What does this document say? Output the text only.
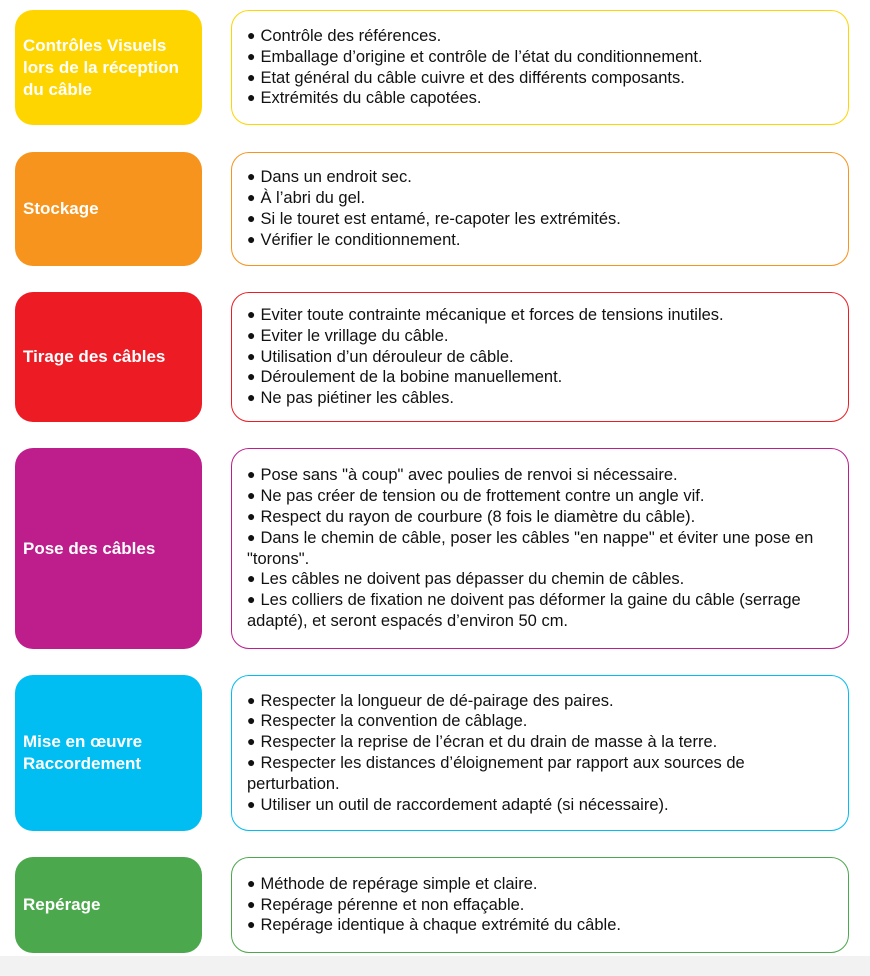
Contrôles Visuels lors de la réception du câble
● Contrôle des références.
● Emballage d’origine et contrôle de l’état du conditionnement.
● Etat général du câble cuivre et des différents composants.
● Extrémités du câble capotées.
Stockage
● Dans un endroit sec.
● À l’abri du gel.
● Si le touret est entamé, re-capoter les extrémités.
● Vérifier le conditionnement.
Tirage des câbles
● Eviter toute contrainte mécanique et forces de tensions inutiles.
● Eviter le vrillage du câble.
● Utilisation d’un dérouleur de câble.
● Déroulement de la bobine manuellement.
● Ne pas piétiner les câbles.
Pose des câbles
● Pose sans "à coup" avec poulies de renvoi si nécessaire.
● Ne pas créer de tension ou de frottement contre un angle vif.
● Respect du rayon de courbure (8 fois le diamètre du câble).
● Dans le chemin de câble, poser les câbles "en nappe" et éviter une pose en "torons".
● Les câbles ne doivent pas dépasser du chemin de câbles.
● Les colliers de fixation ne doivent pas déformer la gaine du câble (serrage adapté), et seront espacés d’environ 50 cm.
Mise en œuvre Raccordement
● Respecter la longueur de dé-pairage des paires.
● Respecter la convention de câblage.
● Respecter la reprise de l’écran et du drain de masse à la terre.
● Respecter les distances d’éloignement par rapport aux sources de perturbation.
● Utiliser un outil de raccordement adapté (si nécessaire).
Repérage
● Méthode de repérage simple et claire.
● Repérage pérenne et non effaçable.
● Repérage identique à chaque extrémité du câble.
